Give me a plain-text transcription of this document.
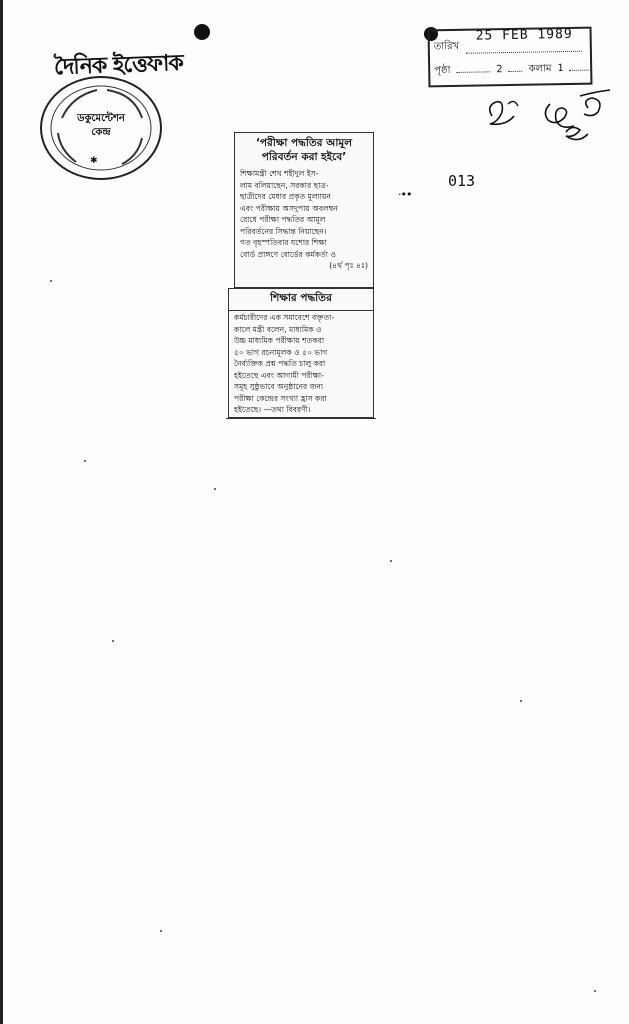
দৈনিক ইত্তেফাক
ডকুমেন্টেশন
কেন্দ্র
✱
তারিখ
25 FEB 1989
পৃষ্ঠা	2	কলাম 1
013
·••
‘পরীক্ষা পদ্ধতির আমূল
পরিবর্তন করা হইবে’
শিক্ষামন্ত্রী শেখ শহীদুল ইস-
লাম বলিয়াছেন, সরকার ছাত্র-
ছাত্রীদের মেধার প্রকৃত মূল্যায়ন
এবং পরীক্ষায় অসদুপায় অবলম্বন
রোধে পরীক্ষা পদ্ধতির আমূল
পরিবর্তনের সিদ্ধান্ত নিয়াছেন।
গত বৃহস্পতিবার যশোর শিক্ষা
বোর্ড প্রাঙ্গণে বোর্ডের কর্মকর্তা ও
(৪র্থ পৃঃ ৪ঃ)
শিক্ষার পদ্ধতির
কর্মচারীদের এক সমাবেশে বক্তৃতা-
কালে মন্ত্রী বলেন, মাধ্যমিক ও
উচ্চ মাধ্যমিক পরীক্ষায় শতকরা
৫০ ভাগ রচনামূলক ও ৫০ ভাগ
নৈর্ব্যক্তিক প্রশ্ন পদ্ধতি চালু করা
হইতেছে এবং আগামী পরীক্ষা-
সমূহ সুষ্ঠুভাবে অনুষ্ঠানের জন্য
পরীক্ষা কেন্দ্রের সংখ্যা হ্রাস করা
হইতেছে। —তথ্য বিবরণী।
